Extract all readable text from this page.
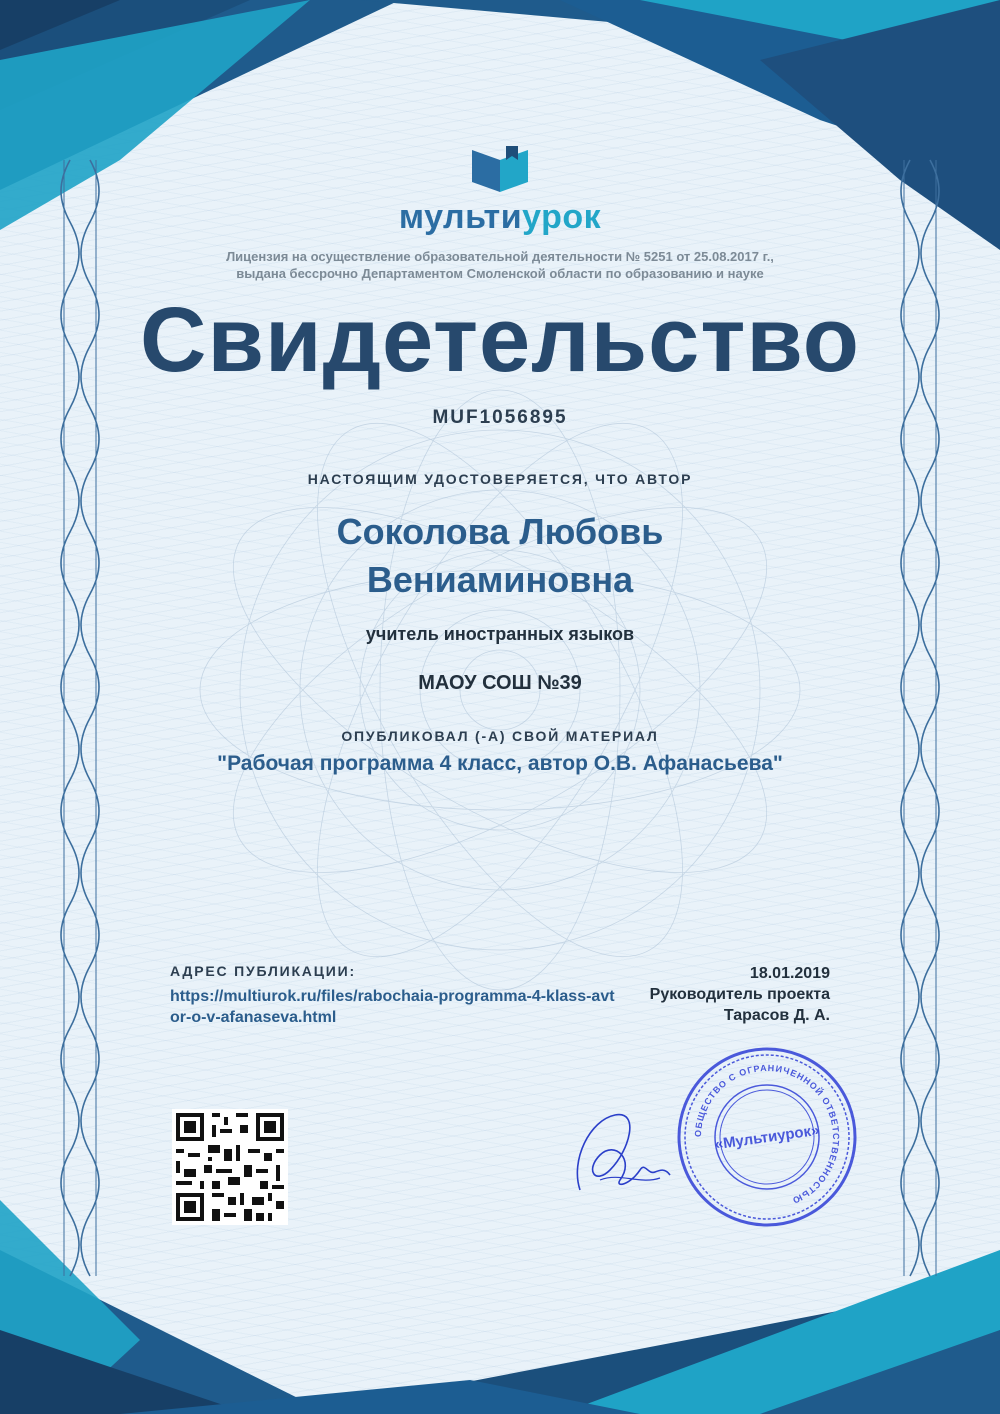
мультиурок
Лицензия на осуществление образовательной деятельности № 5251 от 25.08.2017 г.,
выдана бессрочно Департаментом Смоленской области по образованию и науке
Свидетельство
MUF1056895
НАСТОЯЩИМ УДОСТОВЕРЯЕТСЯ, ЧТО АВТОР
Соколова Любовь
Вениаминовна
учитель иностранных языков
МАОУ СОШ №39
ОПУБЛИКОВАЛ (-А) СВОЙ МАТЕРИАЛ
"Рабочая программа 4 класс, автор О.В. Афанасьева"
АДРЕС ПУБЛИКАЦИИ:
https://multiurok.ru/files/rabochaia-programma-4-klass-avtor-o-v-afanaseva.html
18.01.2019
Руководитель проекта
Тарасов Д. А.
ОБЩЕСТВО С ОГРАНИЧЕННОЙ ОТВЕТСТВЕННОСТЬЮ
«Мультиурок»
